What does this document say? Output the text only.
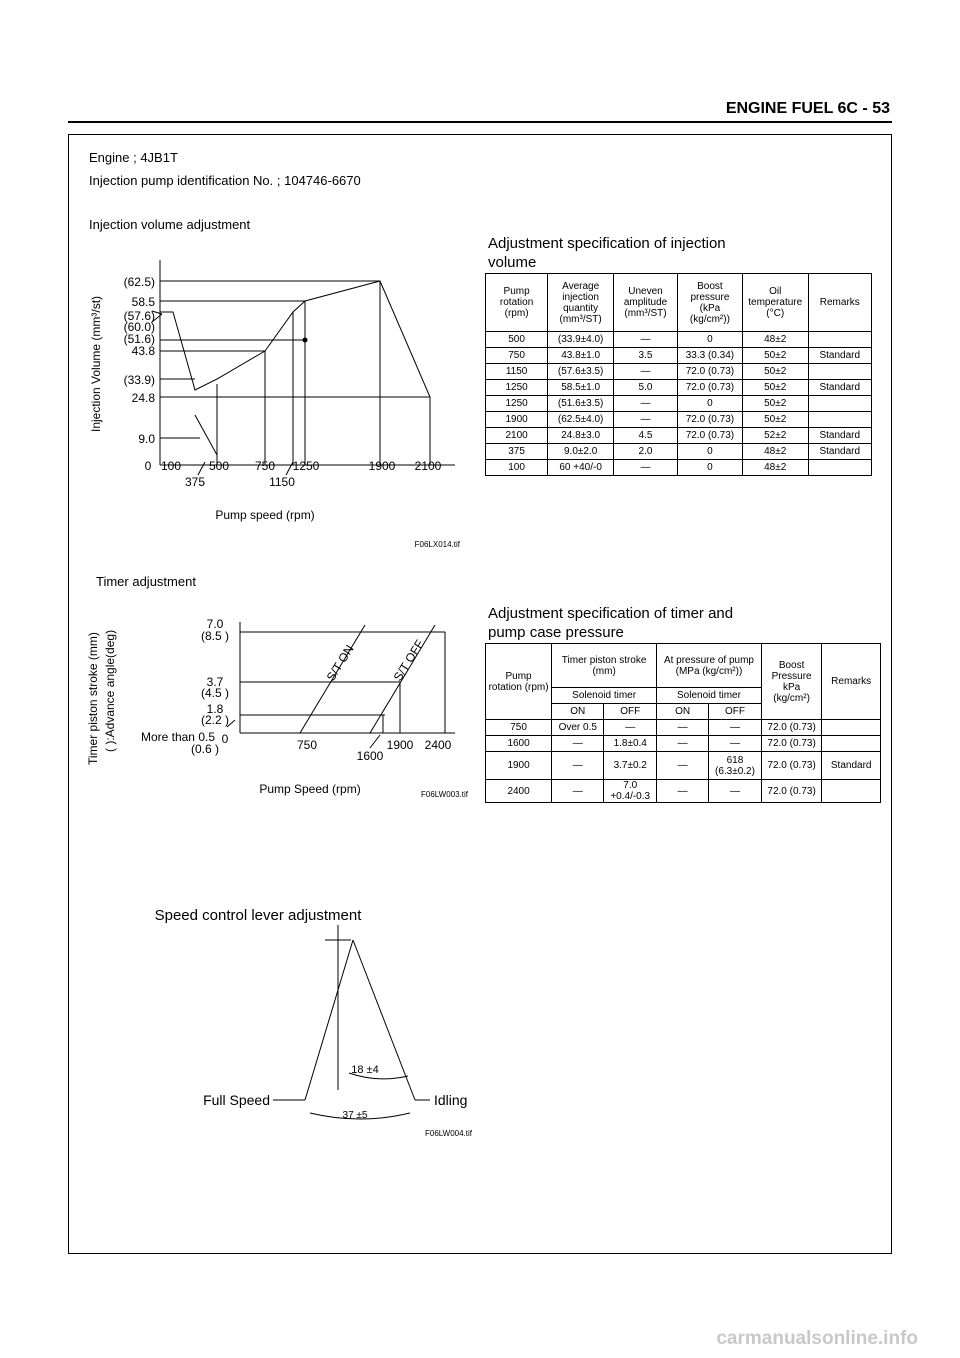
ENGINE FUEL 6C - 53
Engine ; 4JB1T
Injection pump identification No. ; 104746-6670
Injection volume adjustment
(62.5)
58.5
(57.6)
(60.0)
(51.6)
43.8
(33.9)
24.8
9.0
0 100 500 750 1250	1900 2100
375	1150
Injection Volume (mm³/st)
Pump speed (rpm)
F06LX014.tif
Adjustment specification of injection volume
Pump rotation (rpm)	Average injection quantity (mm³/ST)	Uneven amplitude (mm³/ST)	Boost pressure (kPa (kg/cm²))	Oil temperature (°C)	Remarks
500	(33.9±4.0)	—	0	48±2	
750	43.8±1.0	3.5	33.3 (0.34)	50±2	Standard
1150	(57.6±3.5)	—	72.0 (0.73)	50±2	
1250	58.5±1.0	5.0	72.0 (0.73)	50±2	Standard
1250	(51.6±3.5)	—	0	50±2	
1900	(62.5±4.0)	—	72.0 (0.73)	50±2	
2100	24.8±3.0	4.5	72.0 (0.73)	52±2	Standard
375	9.0±2.0	2.0	0	48±2	Standard
100	60 +40/-0	—	0	48±2	
Timer adjustment
7.0
(8.5 )
3.7
(4.5 )
1.8
(2.2 )
More than 0.5
(0.6 )
0	750
1600
1900 2400
S/T ON	S/T OFF
Timer piston stroke (mm) ( ):Advance angle(deg)
Pump Speed (rpm)	F06LW003.tif
Adjustment specification of timer and pump case pressure
Pump rotation (rpm)	Timer piston stroke (mm)		At pressure of pump (MPa (kg/cm²))		Boost Pressure kPa (kg/cm²)	Remarks
	Solenoid timer		Solenoid timer			
	ON	OFF	ON	OFF		
750	Over 0.5	—	—	—	72.0 (0.73)	
1600	—	1.8±0.4	—	—	72.0 (0.73)	
1900	—	3.7±0.2	—	618 (6.3±0.2)	72.0 (0.73)	Standard
2400	—	7.0 +0.4/-0.3	—	—	72.0 (0.73)	
Speed control lever adjustment
18 ±4
37 ±5
Full Speed	Idling
F06LW004.tif
carmanualsonline.info
